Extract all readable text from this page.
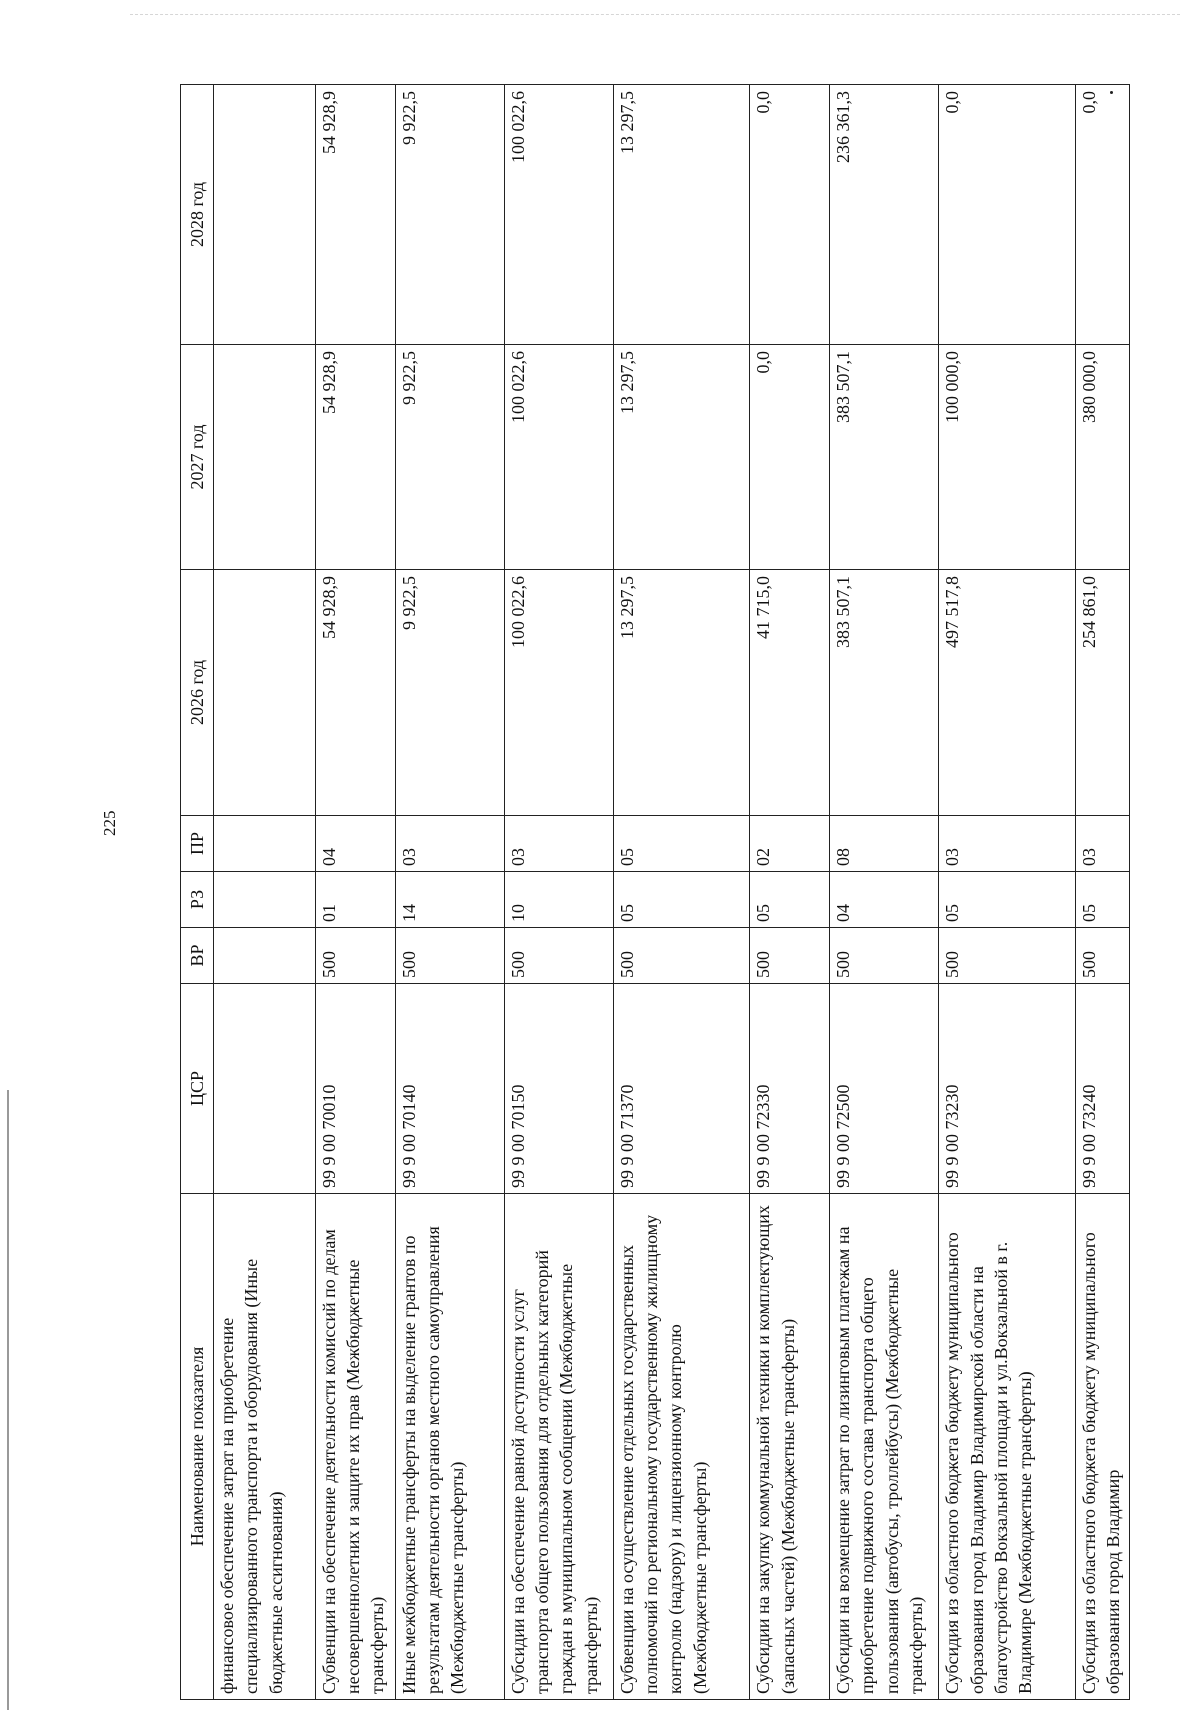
225
Наименование показателя	ЦСР	ВР	РЗ	ПР	2026 год	2027 год	2028 год
финансовое обеспечение затрат на приобретение специализированного транспорта и оборудования (Иные бюджетные ассигнования)							
Субвенции на обеспечение деятельности комиссий по делам несовершеннолетних и защите их прав (Межбюджетные трансферты)	99 9 00 70010	500	01	04	54 928,9	54 928,9	54 928,9
Иные межбюджетные трансферты на выделение грантов по результатам деятельности органов местного самоуправления (Межбюджетные трансферты)	99 9 00 70140	500	14	03	9 922,5	9 922,5	9 922,5
Субсидии на обеспечение равной доступности услуг транспорта общего пользования для отдельных категорий граждан в муниципальном сообщении (Межбюджетные трансферты)	99 9 00 70150	500	10	03	100 022,6	100 022,6	100 022,6
Субвенции на осуществление отдельных государственных полномочий по региональному государственному жилищному контролю (надзору) и лицензионному контролю (Межбюджетные трансферты)	99 9 00 71370	500	05	05	13 297,5	13 297,5	13 297,5
Субсидии на закупку коммунальной техники и комплектующих (запасных частей) (Межбюджетные трансферты)	99 9 00 72330	500	05	02	41 715,0	0,0	0,0
Субсидии на возмещение затрат по лизинговым платежам на приобретение подвижного состава транспорта общего пользования (автобусы, троллейбусы) (Межбюджетные трансферты)	99 9 00 72500	500	04	08	383 507,1	383 507,1	236 361,3
Субсидия из областного бюджета бюджету муниципального образования город Владимир Владимирской области на благоустройство Вокзальной площади и ул.Вокзальной в г. Владимире (Межбюджетные трансферты)	99 9 00 73230	500	05	03	497 517,8	100 000,0	0,0
Субсидия из областного бюджета бюджету муниципального образования город Владимир	99 9 00 73240	500	05	03	254 861,0	380 000,0	0,0
